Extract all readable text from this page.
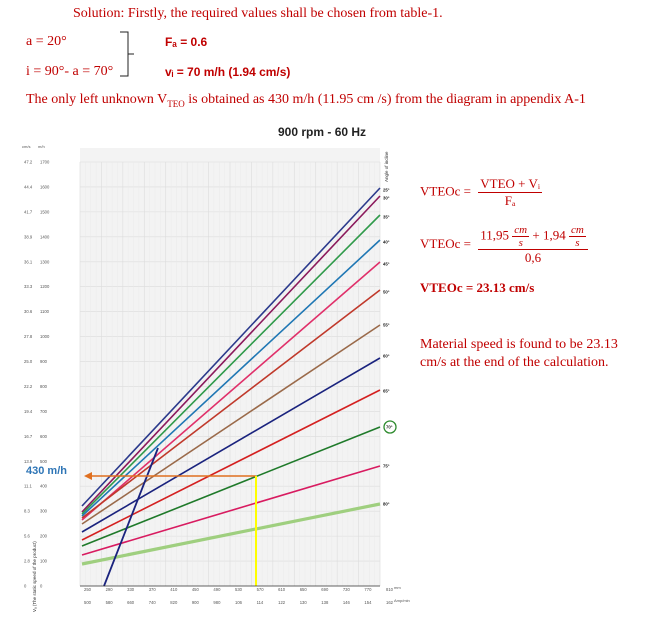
Solution: Firstly, the required values shall be chosen from table-1.
a = 20°	Fₐ = 0.6
i = 90°- a = 70°	vᵢ = 70 m/h (1.94 cm/s)
The only left unknown $V_{TEO}$ is obtained as 430 m/h (11.95 cm /s) from the diagram in appendix A-1
900 rpm - 60 Hz
47.2 1700
44.4 1600
41.7 1500
38.9 1400
36.1 1300
33.3 1200
30.6 1100
27.8 1000
25.0 900
22.2 800
19.4 700
16.7 600
13.9 500
11.1 400
8.3 300
5.6 200
2.8 100
0	0
250
500
290
580
330
660
370
740
410
820
450
900
490
980
530
106
570
114
610
122
650
130
690
138
730
146
770
154
810
162
25°
30°
35°
40°
45°
50°
55°
60°
65°
70°
75°
80°
cm/s m/h
Angle of incline
Vₐ (The static speed of the product)	mm
Amp/min
430 m/h
VTEOc = $\frac{\text{VTEO + Vᵢ}}{\text{Fₐ}}$
VTEOc =
$11,95 \frac{cm}{s} + 1,94 \frac{cm}{s}$
0,6
VTEOc = 23.13 cm/s
Material speed is found to be 23.13
cm/s at the end of the calculation.
